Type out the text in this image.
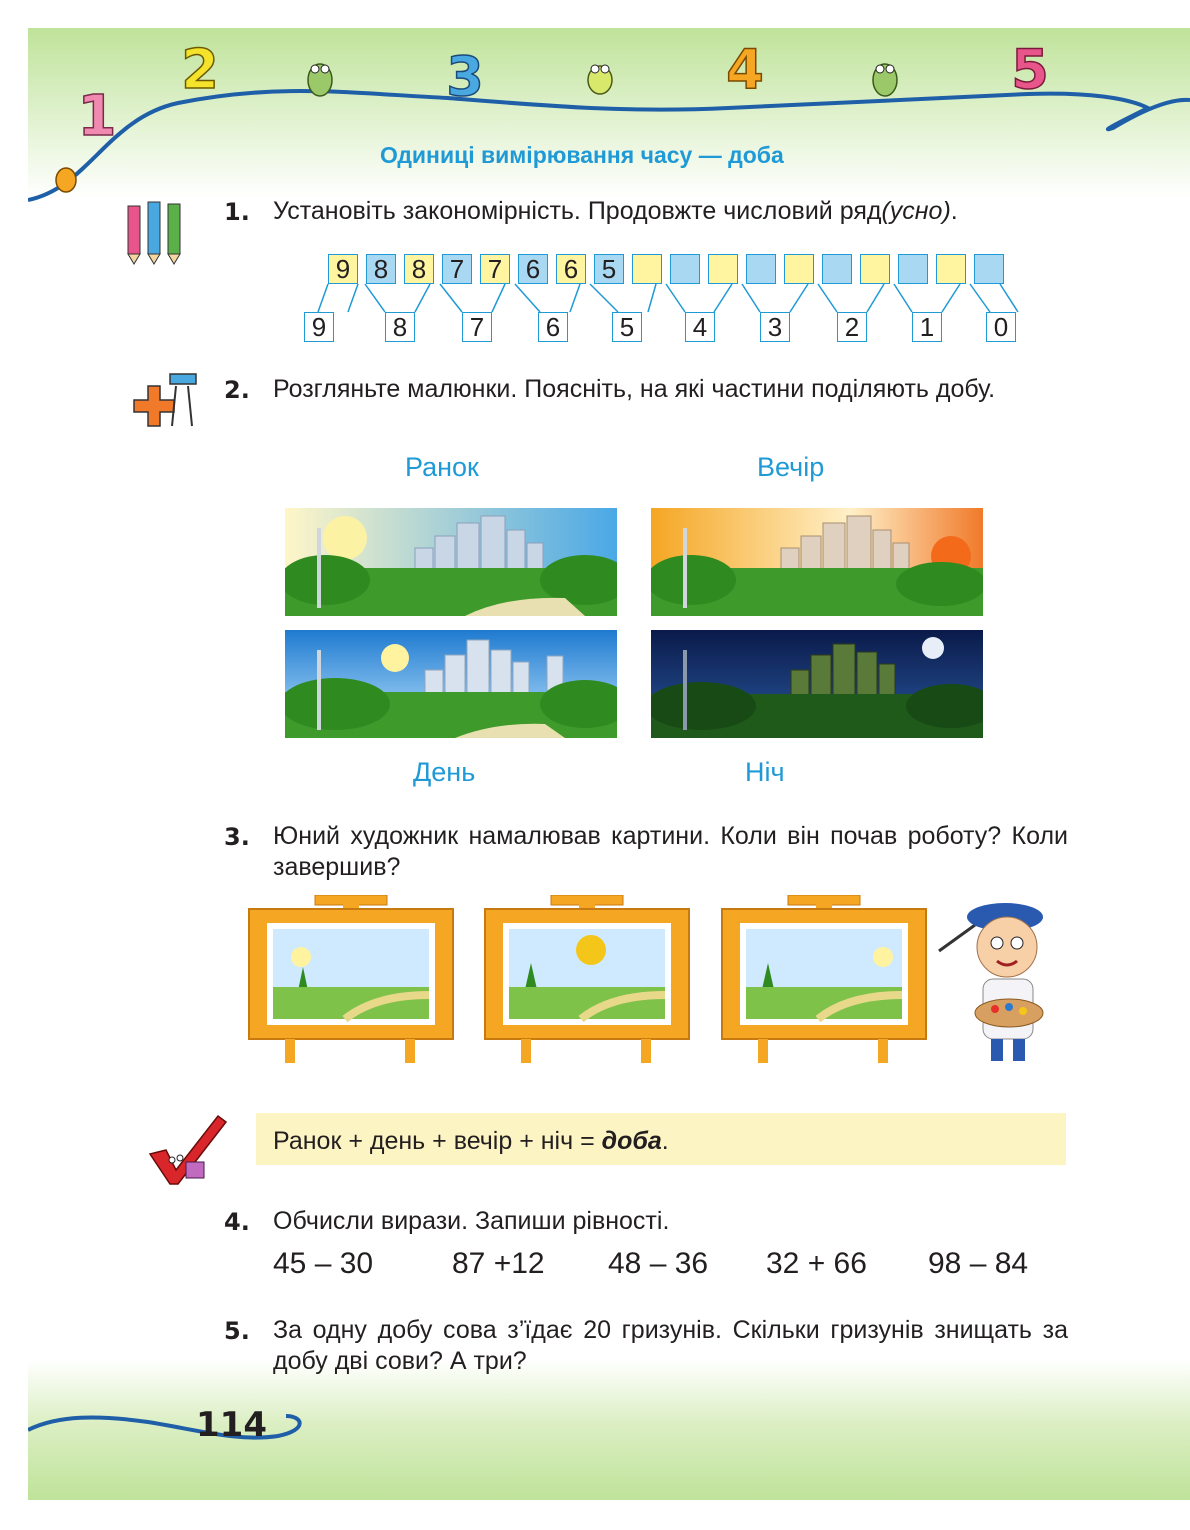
1
2	3	4	5
Одиниці вимірювання часу — доба
1. Установіть закономірність. Продовжте числовий ряд(усно).
9 8 8 7 7 6 6 5
9	8 7 6 5 4 3 2 1 0
2. Розгляньте малюнки. Поясніть, на які частини поділяють добу.
Ранок	Вечір
День	Ніч
3. Юний художник намалював картини. Коли він почав роботу? Коли завершив?
Ранок + день + вечір + ніч = доба.
4. Обчисли вирази. Запиши рівності.
45 – 30	87 +12 48 – 36 32 + 66 98 – 84
5. За одну добу сова з’їдає 20 гризунів. Скільки гризунів знищать за добу дві сови? А три?
114
